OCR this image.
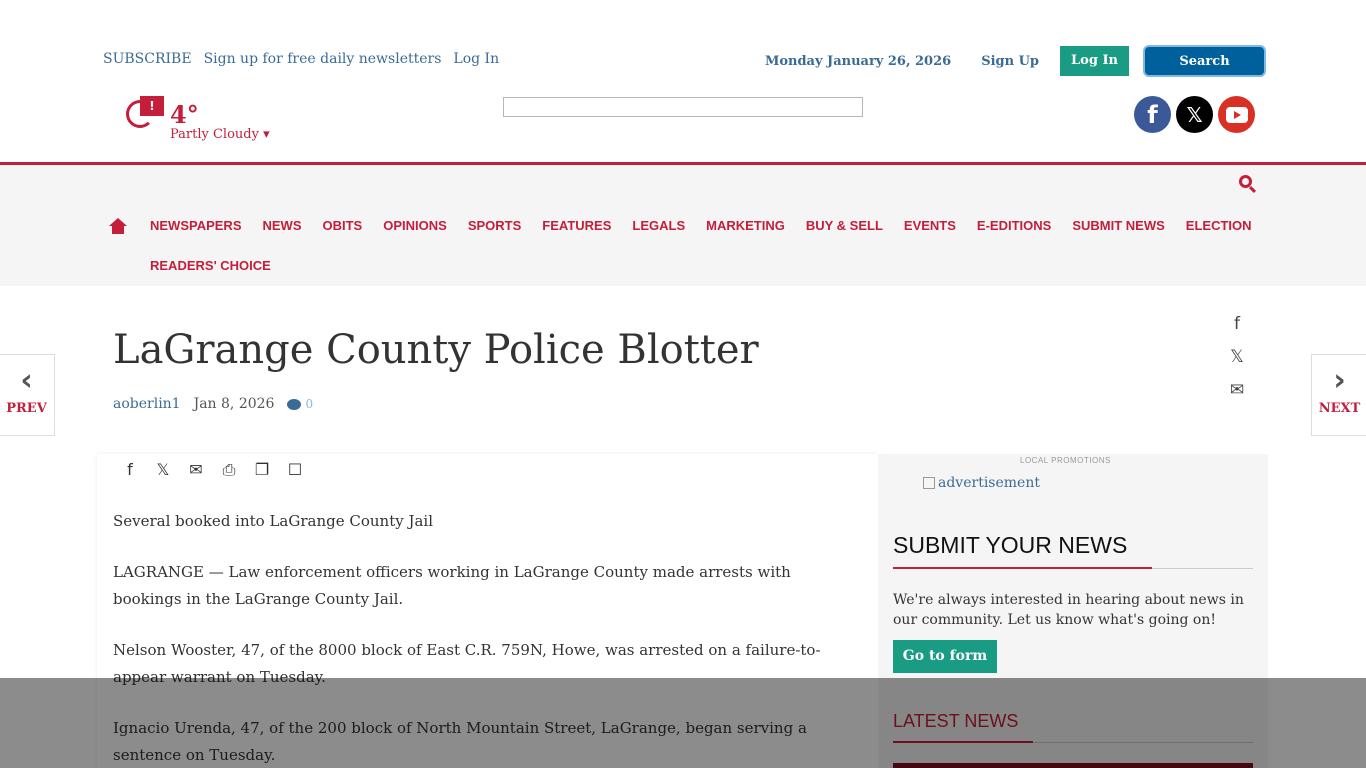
SUBSCRIBE Sign up for free daily newsletters Log In	Monday January 26, 2026 Sign Up	Log In	Search
! 4°
Partly Cloudy ▾
f 𝕏
NEWSPAPERS NEWS OBITS OPINIONS SPORTS FEATURES LEGALS MARKETING BUY & SELL EVENTS E-EDITIONS SUBMIT NEWS ELECTION
READERS' CHOICE
LaGrange County Police Blotter
aoberlin1 Jan 8, 2026	0
f
𝕏
✉
‹
PREV
›
NEXT
f	𝕏 ✉ ⎙ ❐ ☐

Several booked into LaGrange County Jail

LAGRANGE — Law enforcement officers working in LaGrange County made arrests with bookings in the LaGrange County Jail.

Nelson Wooster, 47, of the 8000 block of East C.R. 759N, Howe, was arrested on a failure-to-appear warrant on Tuesday.

Ignacio Urenda, 47, of the 200 block of North Mountain Street, LaGrange, began serving a sentence on Tuesday.

LOCAL PROMOTIONS
advertisement
SUBMIT YOUR NEWS

We're always interested in hearing about news in our community. Let us know what's going on!

Go to form
LATEST NEWS
